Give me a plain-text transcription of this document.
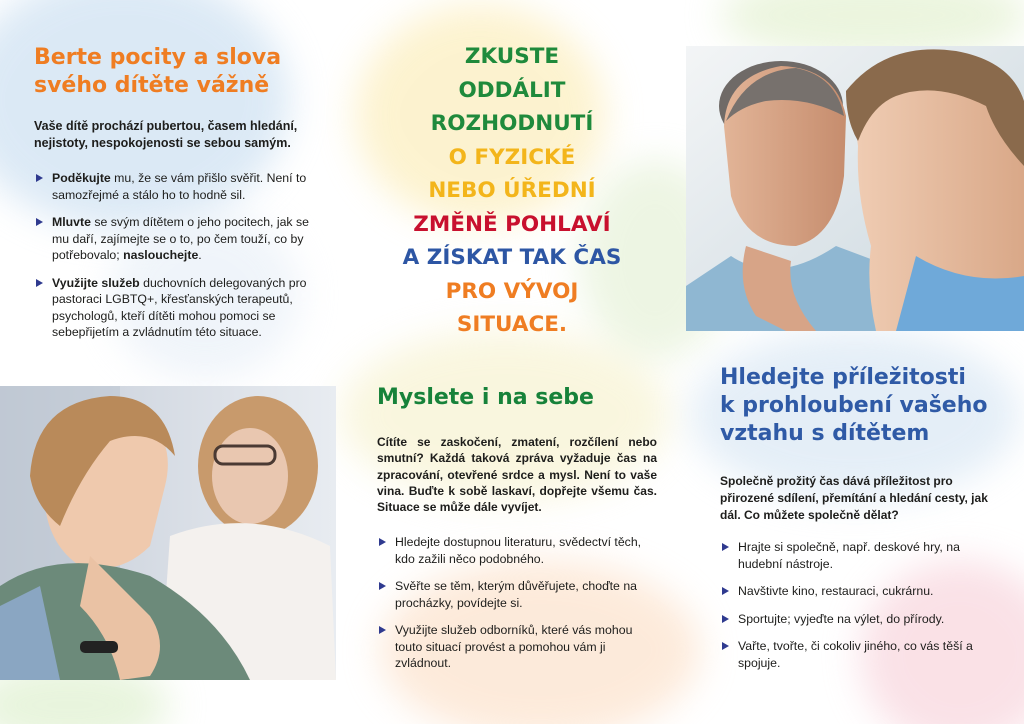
Berte pocity a slova
svého dítěte vážně

Vaše dítě prochází pubertou, časem hledání, nejistoty, nespokojenosti se sebou samým.

Poděkujte mu, že se vám přišlo svěřit. Není to samozřejmé a stálo ho to hodně sil.
Mluvte se svým dítětem o jeho pocitech, jak se mu daří, zajímejte se o to, po čem touží, co by potřebovalo; naslouchejte.
Využijte služeb duchovních delegovaných pro pastoraci LGBTQ+, křesťanských terapeutů, psychologů, kteří dítěti mohou pomoci se sebepřijetím a zvládnutím této situace.
ZKUSTE
ODDÁLIT
ROZHODNUTÍ
O FYZICKÉ
NEBO ÚŘEDNÍ
ZMĚNĚ POHLAVÍ
A ZÍSKAT TAK ČAS
PRO VÝVOJ
SITUACE.
Myslete i na sebe

Cítíte se zaskočení, zmatení, rozčílení nebo smutní? Každá taková zpráva vyžaduje čas na zpracování, otevřené srdce a mysl. Není to vaše vina. Buďte k sobě laskaví, dopřejte všemu čas. Situace se může dále vyvíjet.

Hledejte dostupnou literaturu, svědectví těch, kdo zažili něco podobného.
Svěřte se těm, kterým důvěřujete, choďte na procházky, povídejte si.
Využijte služeb odborníků, které vás mohou touto situací provést a pomohou vám ji zvládnout.
Hledejte příležitosti
k prohloubení vašeho
vztahu s dítětem

Společně prožitý čas dává příležitost pro přirozené sdílení, přemítání a hledání cesty, jak dál. Co můžete společně dělat?

Hrajte si společně, např. deskové hry, na hudební nástroje.
Navštivte kino, restauraci, cukrárnu.
Sportujte; vyjeďte na výlet, do přírody.
Vařte, tvořte, či cokoliv jiného, co vás těší a spojuje.
